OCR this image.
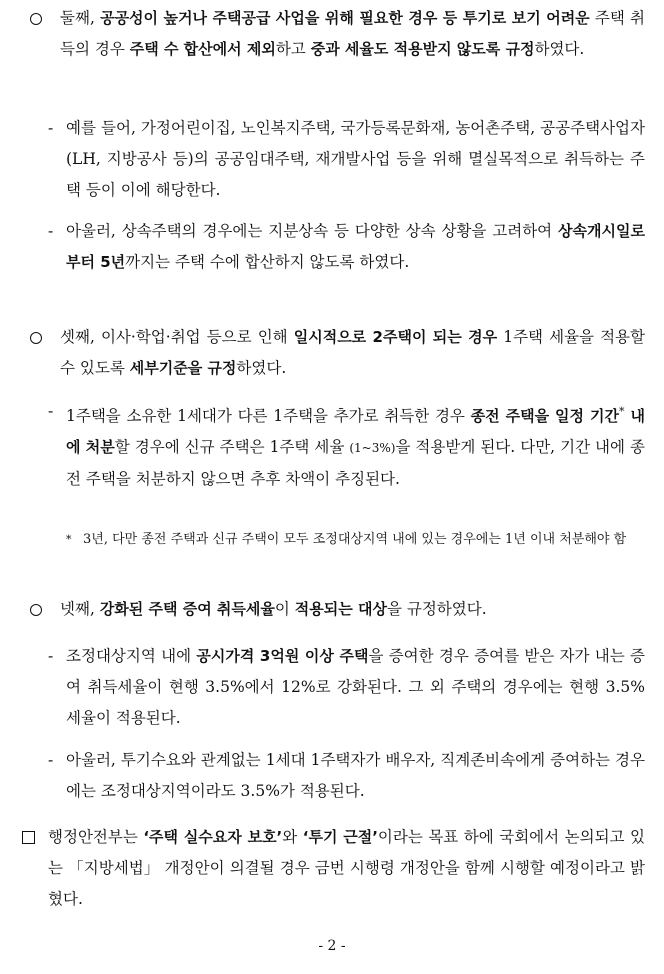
둘째, 공공성이 높거나 주택공급 사업을 위해 필요한 경우 등 투기로 보기 어려운 주택 취득의 경우 주택 수 합산에서 제외하고 중과 세율도 적용받지 않도록 규정하였다.
- 예를 들어, 가정어린이집, 노인복지주택, 국가등록문화재, 농어촌주택, 공공주택사업자(LH, 지방공사 등)의 공공임대주택, 재개발사업 등을 위해 멸실목적으로 취득하는 주택 등이 이에 해당한다.
- 아울러, 상속주택의 경우에는 지분상속 등 다양한 상속 상황을 고려하여 상속개시일로부터 5년까지는 주택 수에 합산하지 않도록 하였다.
셋째, 이사·학업·취업 등으로 인해 일시적으로 2주택이 되는 경우 1주택 세율을 적용할 수 있도록 세부기준을 규정하였다.
- 1주택을 소유한 1세대가 다른 1주택을 추가로 취득한 경우 종전 주택을 일정 기간* 내에 처분할 경우에 신규 주택은 1주택 세율 (1~3%)을 적용받게 된다. 다만, 기간 내에 종전 주택을 처분하지 않으면 추후 차액이 추징된다.
* 3년, 다만 종전 주택과 신규 주택이 모두 조정대상지역 내에 있는 경우에는 1년 이내 처분해야 함
넷째, 강화된 주택 증여 취득세율이 적용되는 대상을 규정하였다.
- 조정대상지역 내에 공시가격 3억원 이상 주택을 증여한 경우 증여를 받은 자가 내는 증여 취득세율이 현행 3.5%에서 12%로 강화된다. 그 외 주택의 경우에는 현행 3.5% 세율이 적용된다.
- 아울러, 투기수요와 관계없는 1세대 1주택자가 배우자, 직계존비속에게 증여하는 경우에는 조정대상지역이라도 3.5%가 적용된다.
행정안전부는 ‘주택 실수요자 보호’와 ‘투기 근절’이라는 목표 하에 국회에서 논의되고 있는 「지방세법」 개정안이 의결될 경우 금번 시행령 개정안을 함께 시행할 예정이라고 밝혔다.
- 2 -
